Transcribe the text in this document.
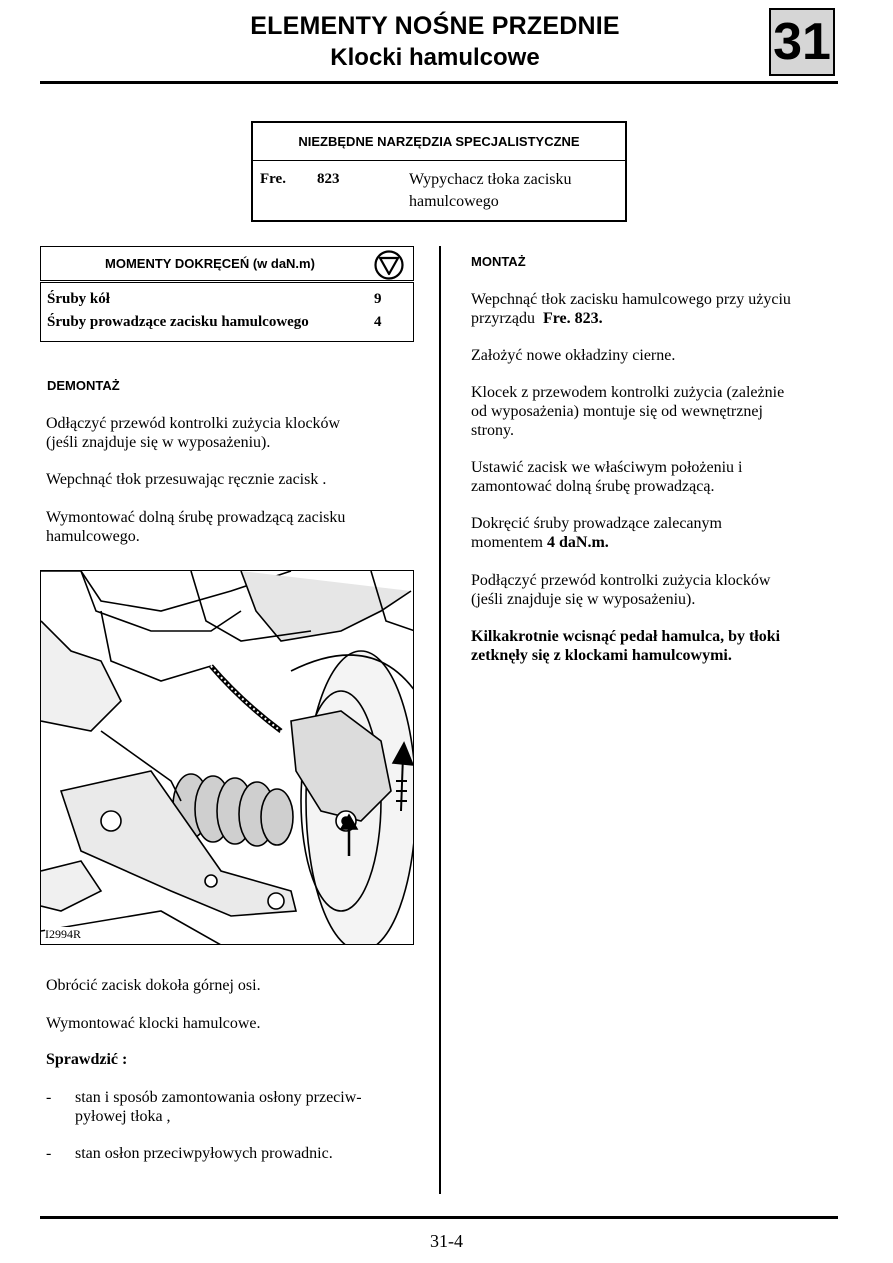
ELEMENTY NOŚNE PRZEDNIE
Klocki hamulcowe	31
NIEZBĘDNE NARZĘDZIA SPECJALISTYCZNE
Fre. 823	Wypychacz tłoka zacisku
hamulcowego
MOMENTY DOKRĘCEŃ (w daN.m)
Śruby kół	9
Śruby prowadzące zacisku hamulcowego	4
DEMONTAŻ
Odłączyć przewód kontrolki zużycia klocków
(jeśli znajduje się w wyposażeniu).
Wepchnąć tłok przesuwając ręcznie zacisk .
Wymontować dolną śrubę prowadzącą zacisku
hamulcowego.
I2994R
Obrócić zacisk dokoła górnej osi.
Wymontować klocki hamulcowe.
Sprawdzić :
- stan i sposób zamontowania osłony przeciw-
pyłowej tłoka ,
- stan osłon przeciwpyłowych prowadnic.
MONTAŻ
Wepchnąć tłok zacisku hamulcowego przy użyciu
przyrządu Fre. 823.
Założyć nowe okładziny cierne.
Klocek z przewodem kontrolki zużycia (zależnie
od wyposażenia) montuje się od wewnętrznej
strony.
Ustawić zacisk we właściwym położeniu i
zamontować dolną śrubę prowadzącą.
Dokręcić śruby prowadzące zalecanym
momentem 4 daN.m.
Podłączyć przewód kontrolki zużycia klocków
(jeśli znajduje się w wyposażeniu).
Kilkakrotnie wcisnąć pedał hamulca, by tłoki
zetknęły się z klockami hamulcowymi.
31-4
